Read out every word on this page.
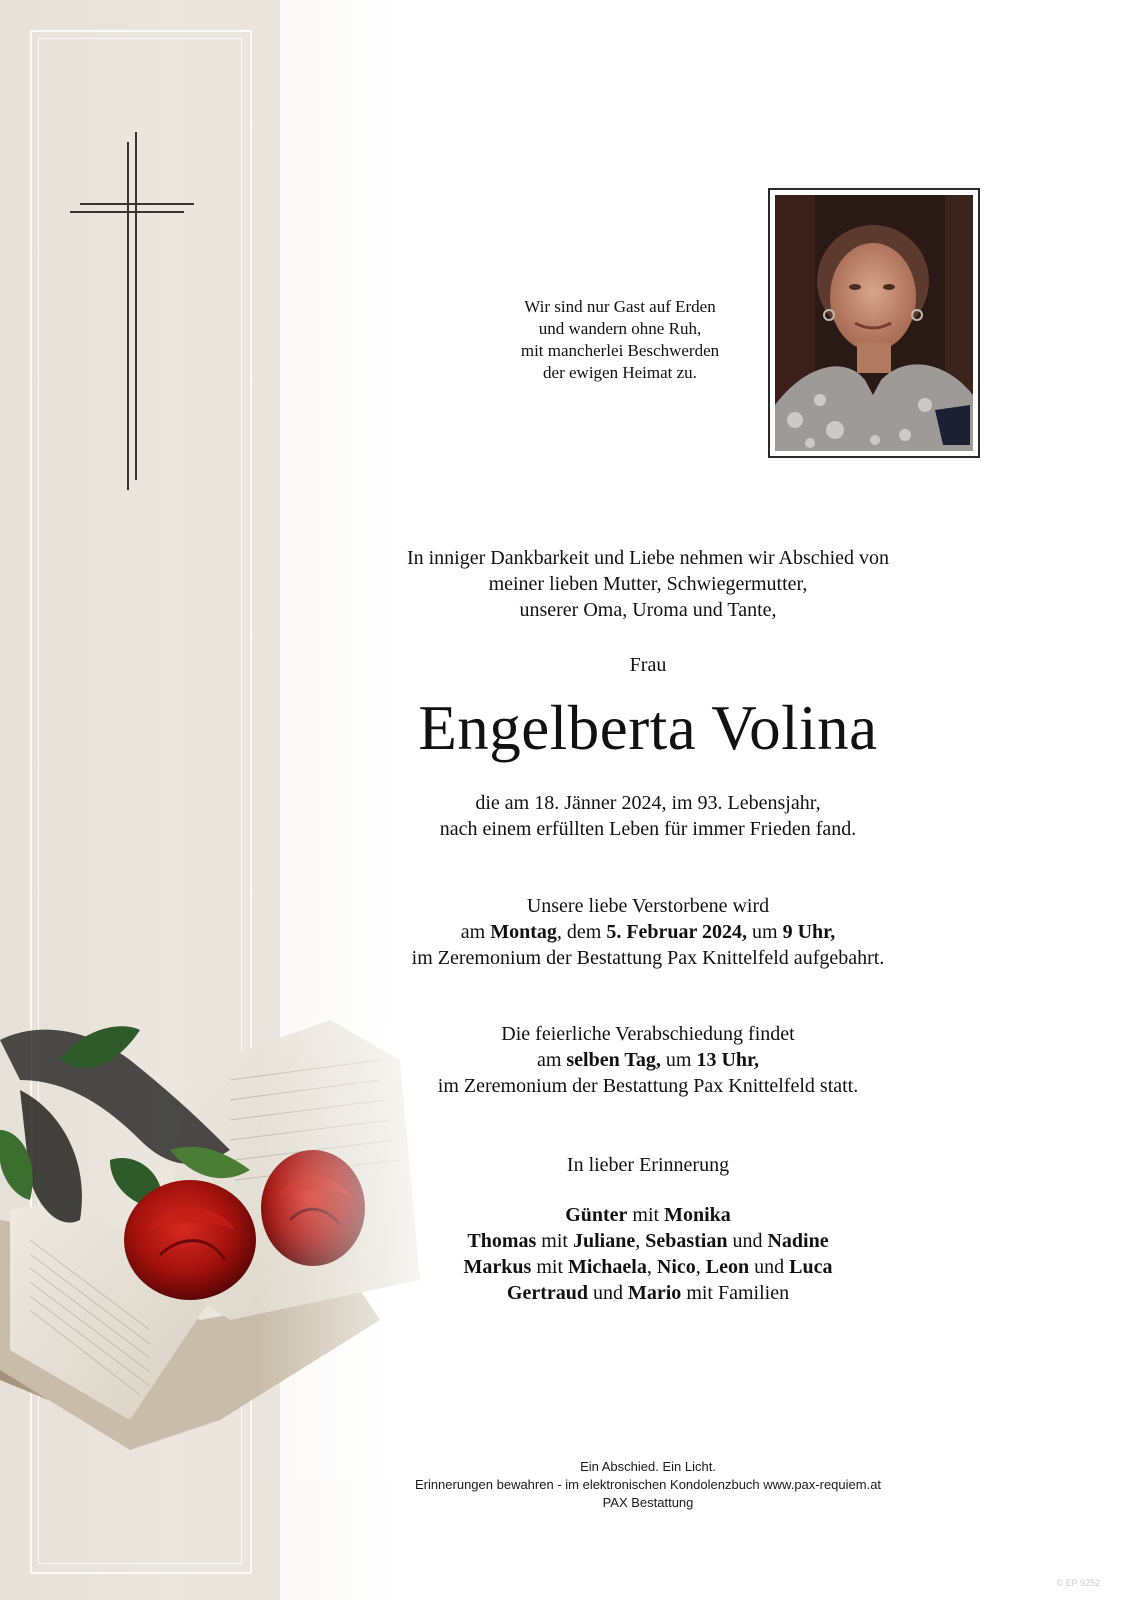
Wir sind nur Gast auf Erden
und wandern ohne Ruh,
mit mancherlei Beschwerden
der ewigen Heimat zu.
In inniger Dankbarkeit und Liebe nehmen wir Abschied von
meiner lieben Mutter, Schwiegermutter,
unserer Oma, Uroma und Tante,
Frau
Engelberta Volina
die am 18. Jänner 2024, im 93. Lebensjahr,
nach einem erfüllten Leben für immer Frieden fand.
Unsere liebe Verstorbene wird
am Montag, dem 5. Februar 2024, um 9 Uhr,
im Zeremonium der Bestattung Pax Knittelfeld aufgebahrt.
Die feierliche Verabschiedung findet
am selben Tag, um 13 Uhr,
im Zeremonium der Bestattung Pax Knittelfeld statt.
In lieber Erinnerung
Günter mit Monika
Thomas mit Juliane, Sebastian und Nadine
Markus mit Michaela, Nico, Leon und Luca
Gertraud und Mario mit Familien
Ein Abschied. Ein Licht.
Erinnerungen bewahren - im elektronischen Kondolenzbuch www.pax-requiem.at
PAX Bestattung
© EP 9252
